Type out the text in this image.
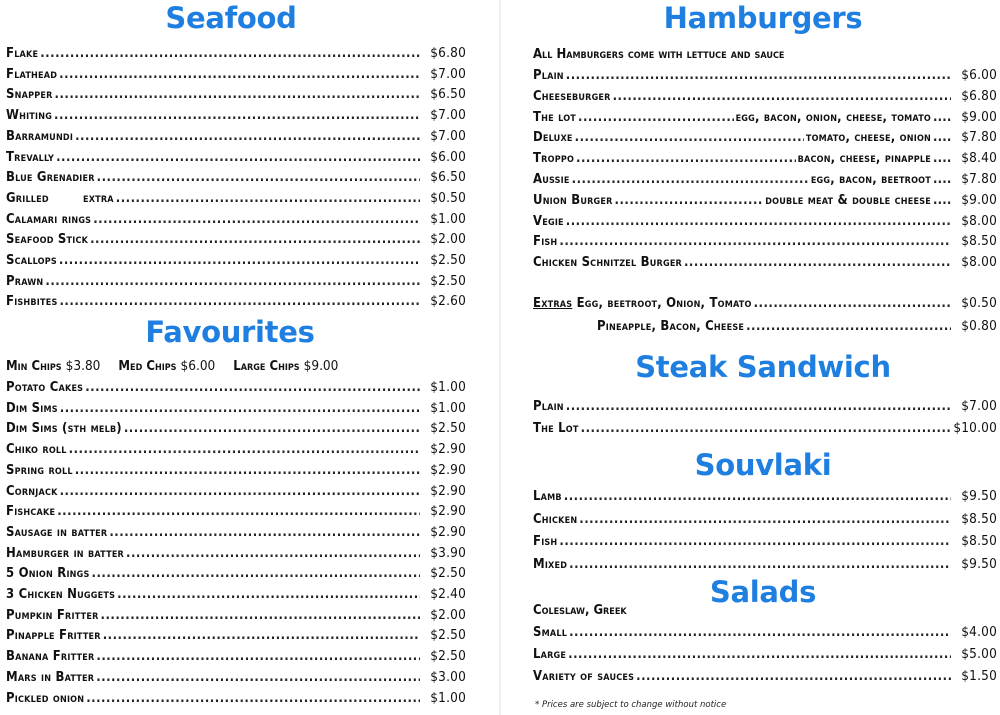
Seafood
Flake .....	$6.80
Flathead .....	$7.00
Snapper .....	$6.50
Whiting .....	$7.00
Barramundi .....	$7.00
Trevally .....	$6.00
Blue Grenadier .....	$6.50
Grilled        extra .....	$0.50
Calamari rings .....	$1.00
Seafood Stick .....	$2.00
Scallops .....	$2.50
Prawn .....	$2.50
Fishbites .....	$2.60
Favourites
Min Chips $3.80 Med Chips $6.00 Large Chips $9.00
Potato Cakes .....	$1.00
Dim Sims .....	$1.00
Dim Sims (sth melb) .....	$2.50
Chiko roll .....	$2.90
Spring roll .....	$2.90
Cornjack .....	$2.90
Fishcake .....	$2.90
Sausage in batter .....	$2.90
Hamburger in batter .....	$3.90
5 Onion Rings .....	$2.50
3 Chicken Nuggets .....	$2.40
Pumpkin Fritter .....	$2.00
Pinapple Fritter .....	$2.50
Banana Fritter .....	$2.50
Mars in Batter .....	$3.00
Pickled onion .....	$1.00
Hamburgers
All Hamburgers come with lettuce and sauce
Plain .....	$6.00
Cheeseburger .....	$6.80
The lot .....	egg, bacon, onion, cheese, tomato .....	$9.00
Deluxe .....	tomato, cheese, onion .....	$7.80
Troppo .....	bacon, cheese, pinapple .....	$8.40
Aussie .....	egg, bacon, beetroot .....	$7.80
Union Burger .....	double meat & double cheese .....	$9.00
Vegie .....	$8.00
Fish .....	$8.50
Chicken Schnitzel Burger .....	$8.00
Extras Egg, beetroot, Onion, Tomato .....	$0.50
Pineapple, Bacon, Cheese .....	$0.80
Steak Sandwich
Plain .....	$7.00
The Lot .....	$10.00
Souvlaki
Lamb .....	$9.50
Chicken .....	$8.50
Fish .....	$8.50
Mixed .....	$9.50
Salads
Coleslaw, Greek
Small .....	$4.00
Large .....	$5.00
Variety of sauces .....	$1.50
* Prices are subject to change without notice
